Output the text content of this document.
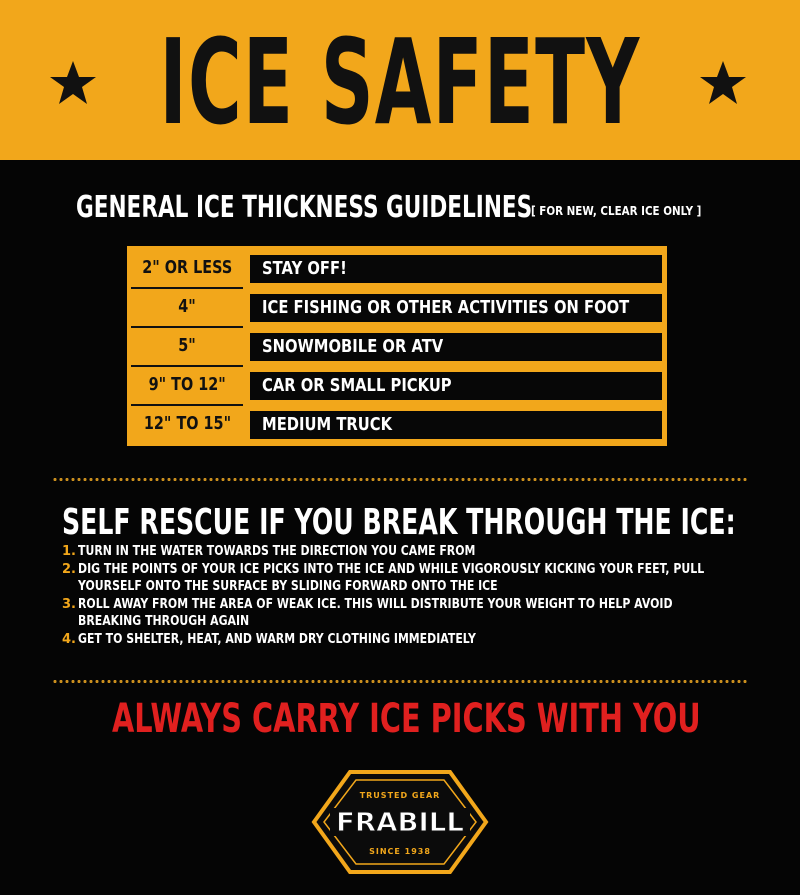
ICE SAFETY
GENERAL ICE THICKNESS GUIDELINES
[ FOR NEW, CLEAR ICE ONLY ]
2" OR LESS	STAY OFF!
4"	ICE FISHING OR OTHER ACTIVITIES ON FOOT
5"	SNOWMOBILE OR ATV
9" TO 12"	CAR OR SMALL PICKUP
12" TO 15"	MEDIUM TRUCK
SELF RESCUE IF YOU BREAK THROUGH THE ICE:
1. TURN IN THE WATER TOWARDS THE DIRECTION YOU CAME FROM
2. DIG THE POINTS OF YOUR ICE PICKS INTO THE ICE AND WHILE VIGOROUSLY KICKING YOUR FEET, PULL
YOURSELF ONTO THE SURFACE BY SLIDING FORWARD ONTO THE ICE
3. ROLL AWAY FROM THE AREA OF WEAK ICE. THIS WILL DISTRIBUTE YOUR WEIGHT TO HELP AVOID
BREAKING THROUGH AGAIN
4. GET TO SHELTER, HEAT, AND WARM DRY CLOTHING IMMEDIATELY
ALWAYS CARRY ICE PICKS WITH YOU
TRUSTED GEAR
FRABILL
SINCE 1938
